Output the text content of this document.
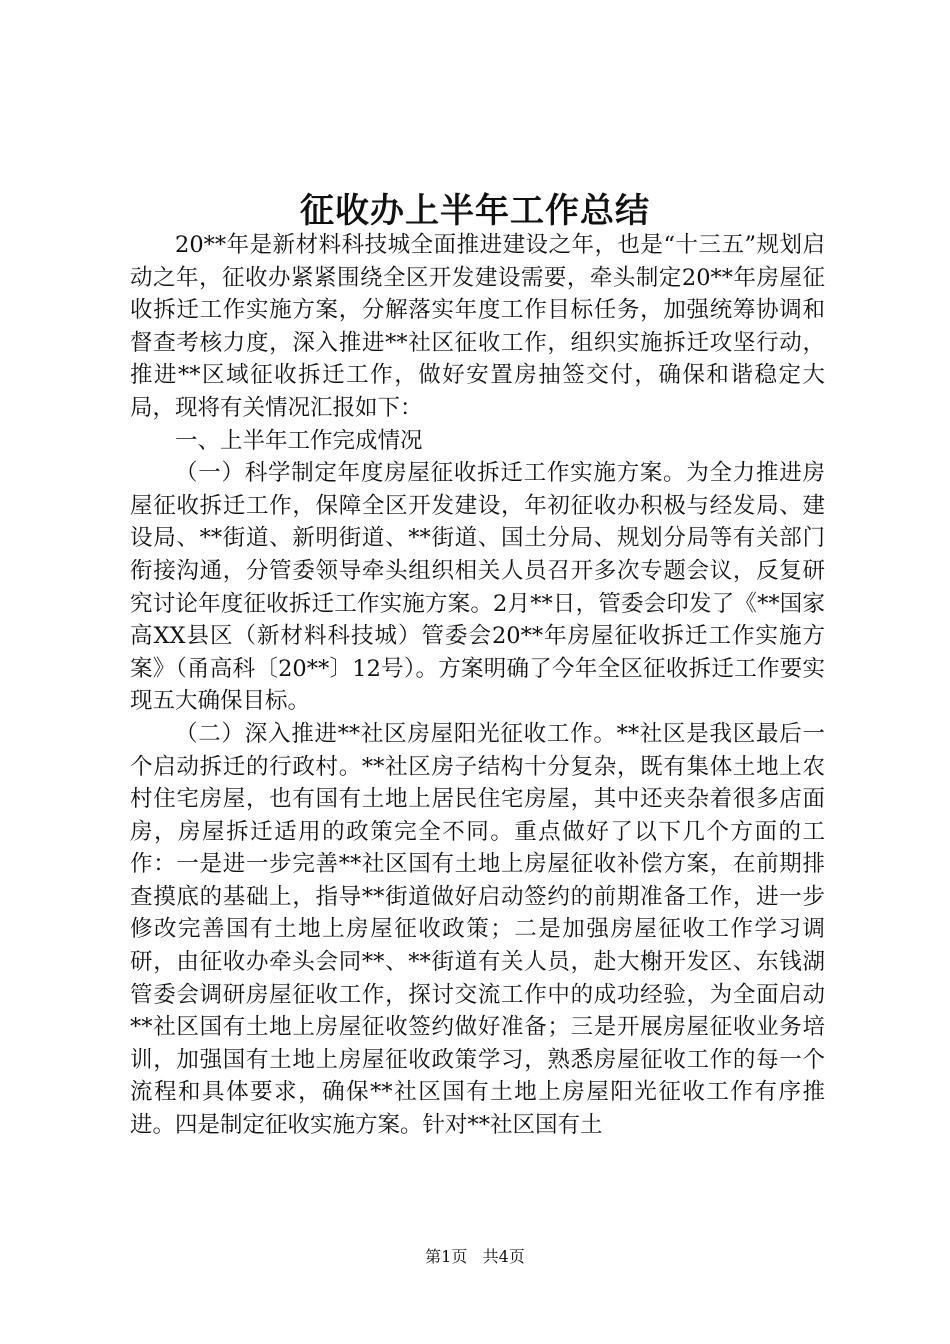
征收办上半年工作总结

20**年是新材料科技城全面推进建设之年，也是“十三五”规划启动之年，征收办紧紧围绕全区开发建设需要，牵头制定20**年房屋征收拆迁工作实施方案，分解落实年度工作目标任务，加强统筹协调和督查考核力度，深入推进**社区征收工作，组织实施拆迁攻坚行动，推进**区域征收拆迁工作，做好安置房抽签交付，确保和谐稳定大局，现将有关情况汇报如下：

一、上半年工作完成情况

（一）科学制定年度房屋征收拆迁工作实施方案。为全力推进房屋征收拆迁工作，保障全区开发建设，年初征收办积极与经发局、建设局、**街道、新明街道、**街道、国土分局、规划分局等有关部门衔接沟通，分管委领导牵头组织相关人员召开多次专题会议，反复研究讨论年度征收拆迁工作实施方案。2月**日，管委会印发了《**国家高XX县区（新材料科技城）管委会20**年房屋征收拆迁工作实施方案》（甬高科〔20**〕12号）。方案明确了今年全区征收拆迁工作要实现五大确保目标。

（二）深入推进**社区房屋阳光征收工作。**社区是我区最后一个启动拆迁的行政村。**社区房子结构十分复杂，既有集体土地上农村住宅房屋，也有国有土地上居民住宅房屋，其中还夹杂着很多店面房，房屋拆迁适用的政策完全不同。重点做好了以下几个方面的工作：一是进一步完善**社区国有土地上房屋征收补偿方案，在前期排查摸底的基础上，指导**街道做好启动签约的前期准备工作，进一步修改完善国有土地上房屋征收政策；二是加强房屋征收工作学习调研，由征收办牵头会同**、**街道有关人员，赴大榭开发区、东钱湖管委会调研房屋征收工作，探讨交流工作中的成功经验，为全面启动**社区国有土地上房屋征收签约做好准备；三是开展房屋征收业务培训，加强国有土地上房屋征收政策学习，熟悉房屋征收工作的每一个流程和具体要求，确保**社区国有土地上房屋阳光征收工作有序推进。四是制定征收实施方案。针对**社区国有土

第1页 共4页
